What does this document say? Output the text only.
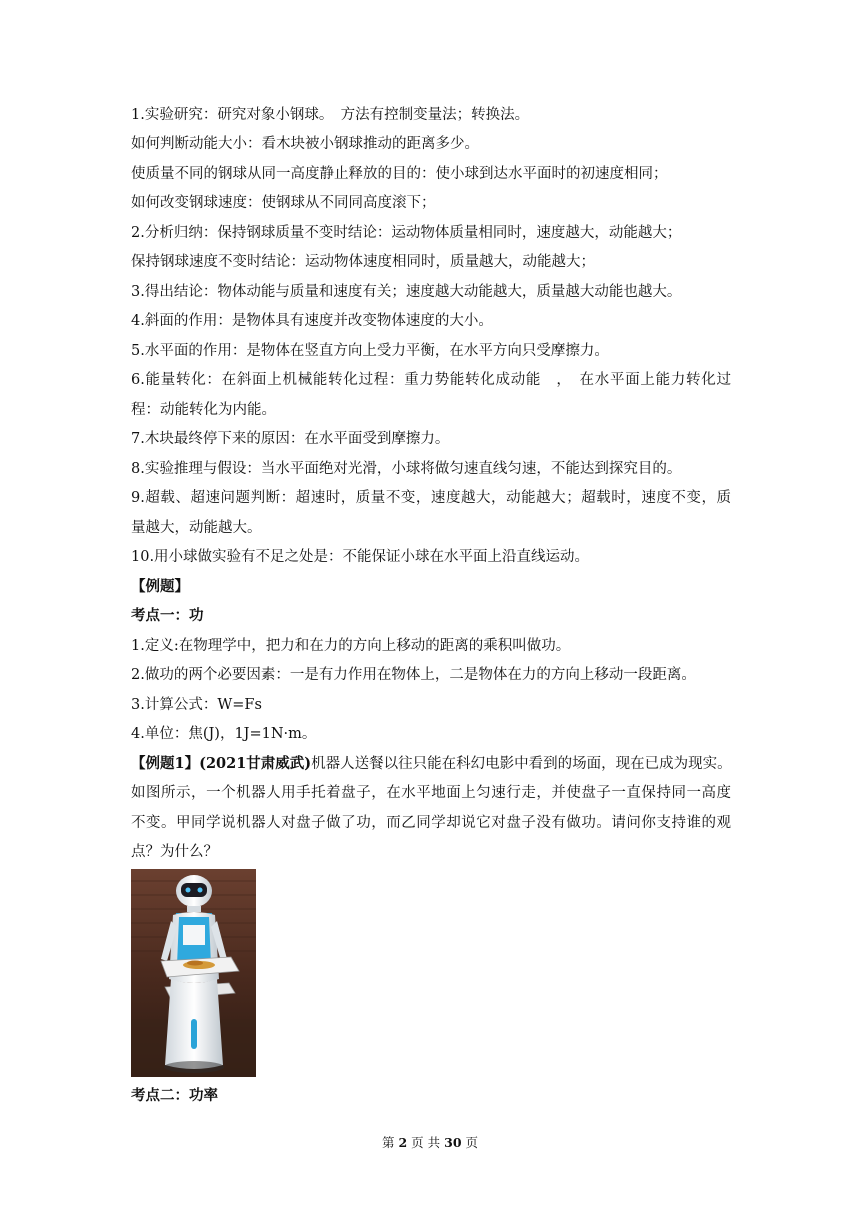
1.实验研究：研究对象小钢球。　方法有控制变量法；转换法。
如何判断动能大小：看木块被小钢球推动的距离多少。
使质量不同的钢球从同一高度静止释放的目的：使小球到达水平面时的初速度相同；
如何改变钢球速度：使钢球从不同同高度滚下；
2.分析归纳：保持钢球质量不变时结论：运动物体质量相同时，速度越大，动能越大；
保持钢球速度不变时结论：运动物体速度相同时，质量越大，动能越大；
3.得出结论：物体动能与质量和速度有关；速度越大动能越大，质量越大动能也越大。
4.斜面的作用：是物体具有速度并改变物体速度的大小。
5.水平面的作用：是物体在竖直方向上受力平衡，在水平方向只受摩擦力。
6.能量转化：在斜面上机械能转化过程：重力势能转化成动能　，　在水平面上能力转化过
程：动能转化为内能。
7.木块最终停下来的原因：在水平面受到摩擦力。
8.实验推理与假设：当水平面绝对光滑，小球将做匀速直线匀速，不能达到探究目的。
9.超载、超速问题判断：超速时，质量不变，速度越大，动能越大；超载时，速度不变，质
量越大，动能越大。
10.用小球做实验有不足之处是：不能保证小球在水平面上沿直线运动。
【例题】
考点一：功
1.定义:在物理学中，把力和在力的方向上移动的距离的乘积叫做功。
2.做功的两个必要因素：一是有力作用在物体上，二是物体在力的方向上移动一段距离。
3.计算公式：W=Fs
4.单位：焦(J)，1J=1N·m。
【例题1】(2021甘肃威武)机器人送餐以往只能在科幻电影中看到的场面，现在已成为现实。
如图所示，一个机器人用手托着盘子，在水平地面上匀速行走，并使盘子一直保持同一高度
不变。甲同学说机器人对盘子做了功，而乙同学却说它对盘子没有做功。请问你支持谁的观
点？为什么？
考点二：功率
第 2 页 共 30 页
